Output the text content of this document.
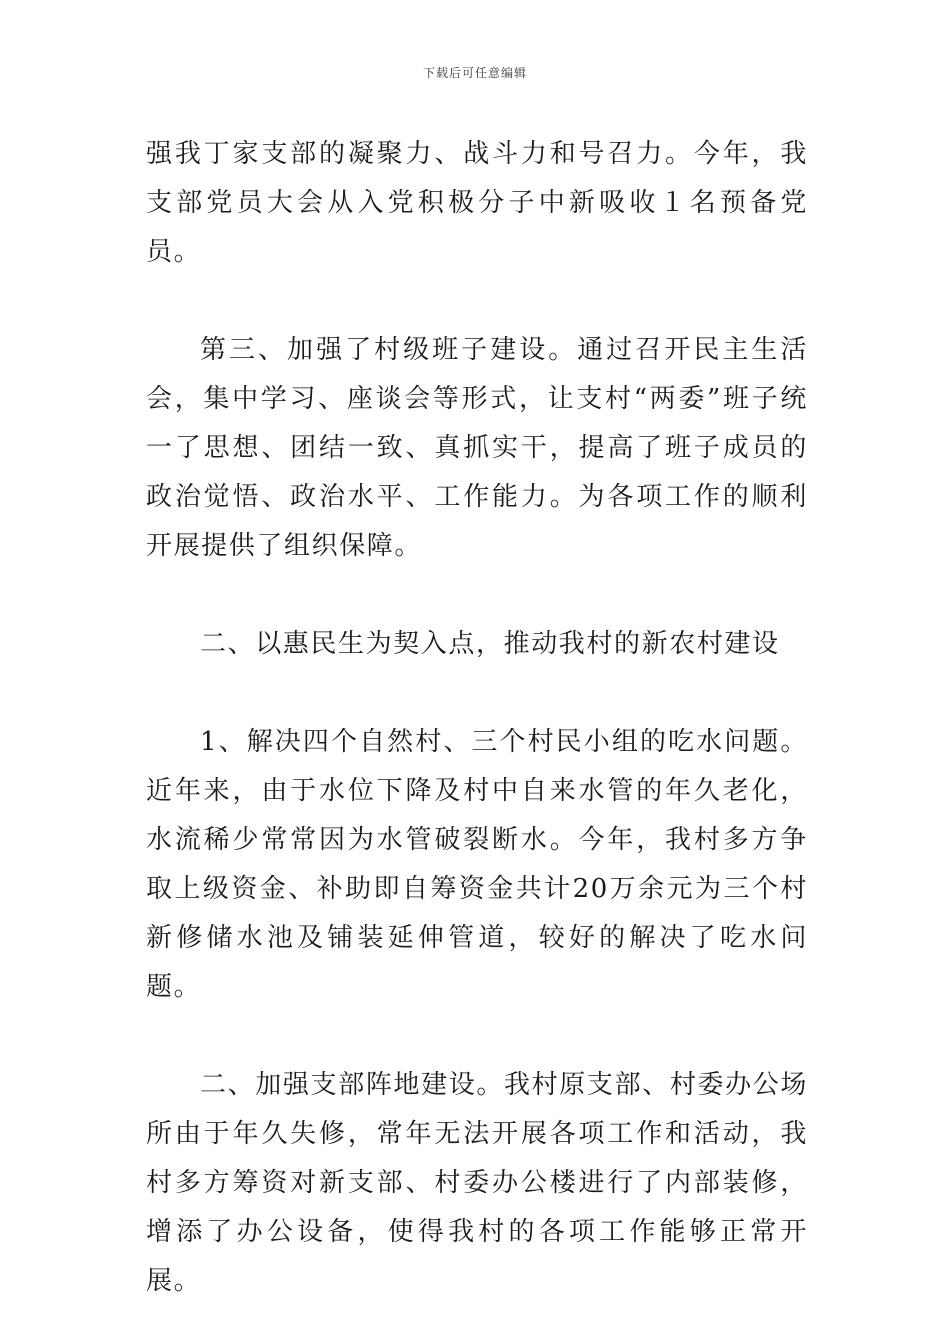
下载后可任意编辑

强我丁家支部的凝聚力、战斗力和号召力。今年，我支部党员大会从入党积极分子中新吸收１名预备党员。

第三、加强了村级班子建设。通过召开民主生活会，集中学习、座谈会等形式，让支村“两委”班子统一了思想、团结一致、真抓实干，提高了班子成员的政治觉悟、政治水平、工作能力。为各项工作的顺利开展提供了组织保障。

二、以惠民生为契入点，推动我村的新农村建设

1、解决四个自然村、三个村民小组的吃水问题。近年来，由于水位下降及村中自来水管的年久老化，水流稀少常常因为水管破裂断水。今年，我村多方争取上级资金、补助即自筹资金共计20万余元为三个村新修储水池及铺装延伸管道，较好的解决了吃水问题。

二、加强支部阵地建设。我村原支部、村委办公场所由于年久失修，常年无法开展各项工作和活动，我村多方筹资对新支部、村委办公楼进行了内部装修，增添了办公设备，使得我村的各项工作能够正常开展。
